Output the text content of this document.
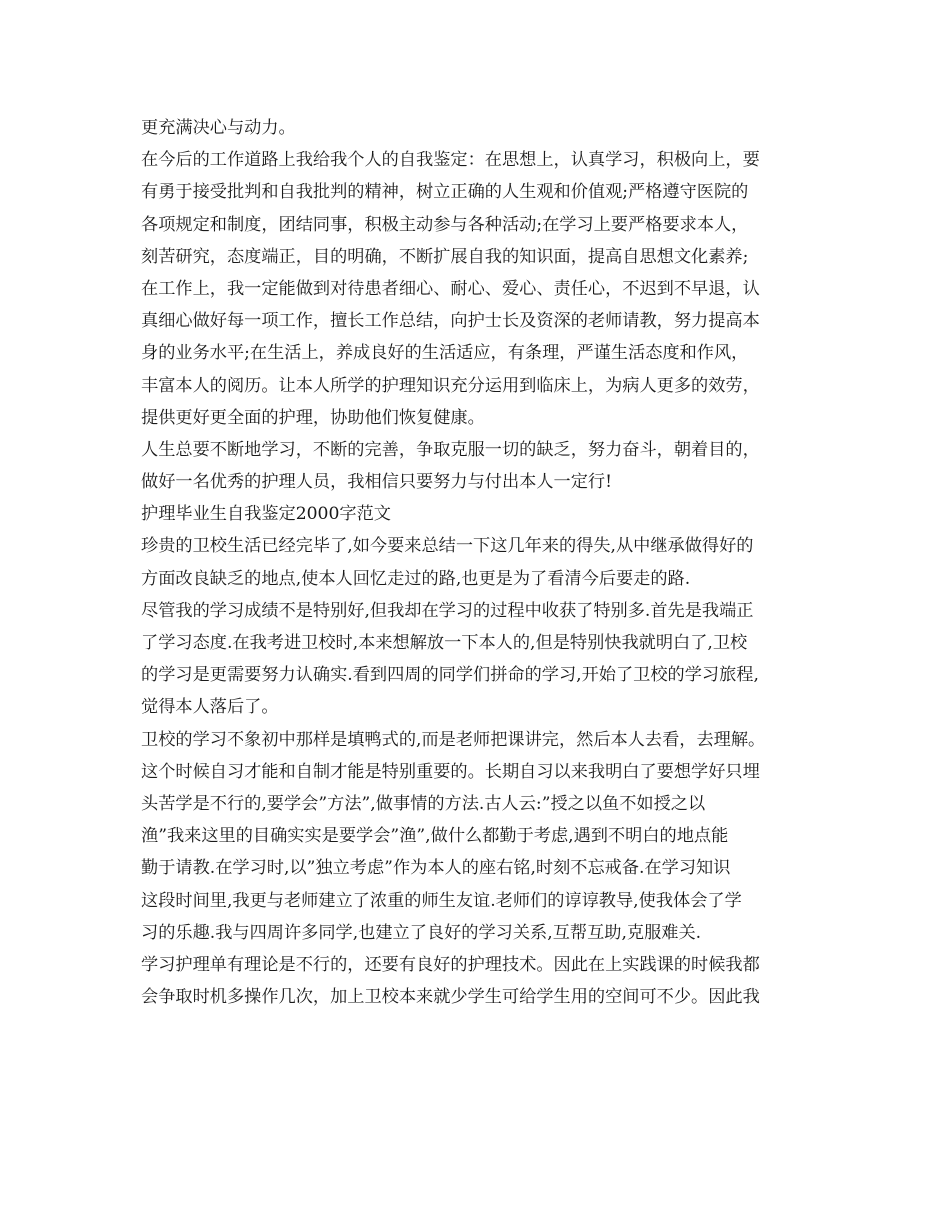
更充满决心与动力。
在今后的工作道路上我给我个人的自我鉴定：在思想上，认真学习，积极向上，要
有勇于接受批判和自我批判的精神，树立正确的人生观和价值观;严格遵守医院的
各项规定和制度，团结同事，积极主动参与各种活动;在学习上要严格要求本人，
刻苦研究，态度端正，目的明确，不断扩展自我的知识面，提高自思想文化素养;
在工作上，我一定能做到对待患者细心、耐心、爱心、责任心，不迟到不早退，认
真细心做好每一项工作，擅长工作总结，向护士长及资深的老师请教，努力提高本
身的业务水平;在生活上，养成良好的生活适应，有条理，严谨生活态度和作风，
丰富本人的阅历。让本人所学的护理知识充分运用到临床上，为病人更多的效劳，
提供更好更全面的护理，协助他们恢复健康。
人生总要不断地学习，不断的完善，争取克服一切的缺乏，努力奋斗，朝着目的，
做好一名优秀的护理人员，我相信只要努力与付出本人一定行!
护理毕业生自我鉴定2000字范文
珍贵的卫校生活已经完毕了,如今要来总结一下这几年来的得失,从中继承做得好的
方面改良缺乏的地点,使本人回忆走过的路,也更是为了看清今后要走的路.
尽管我的学习成绩不是特别好,但我却在学习的过程中收获了特别多.首先是我端正
了学习态度.在我考进卫校时,本来想解放一下本人的,但是特别快我就明白了,卫校
的学习是更需要努力认确实.看到四周的同学们拼命的学习,开始了卫校的学习旅程,
觉得本人落后了。
卫校的学习不象初中那样是填鸭式的,而是老师把课讲完，然后本人去看，去理解。
这个时候自习才能和自制才能是特别重要的。长期自习以来我明白了要想学好只埋
头苦学是不行的,要学会”方法”,做事情的方法.古人云:”授之以鱼不如授之以
渔”我来这里的目确实实是要学会”渔”,做什么都勤于考虑,遇到不明白的地点能
勤于请教.在学习时,以”独立考虑”作为本人的座右铭,时刻不忘戒备.在学习知识
这段时间里,我更与老师建立了浓重的师生友谊.老师们的谆谆教导,使我体会了学
习的乐趣.我与四周许多同学,也建立了良好的学习关系,互帮互助,克服难关.
学习护理单有理论是不行的，还要有良好的护理技术。因此在上实践课的时候我都
会争取时机多操作几次，加上卫校本来就少学生可给学生用的空间可不少。因此我
